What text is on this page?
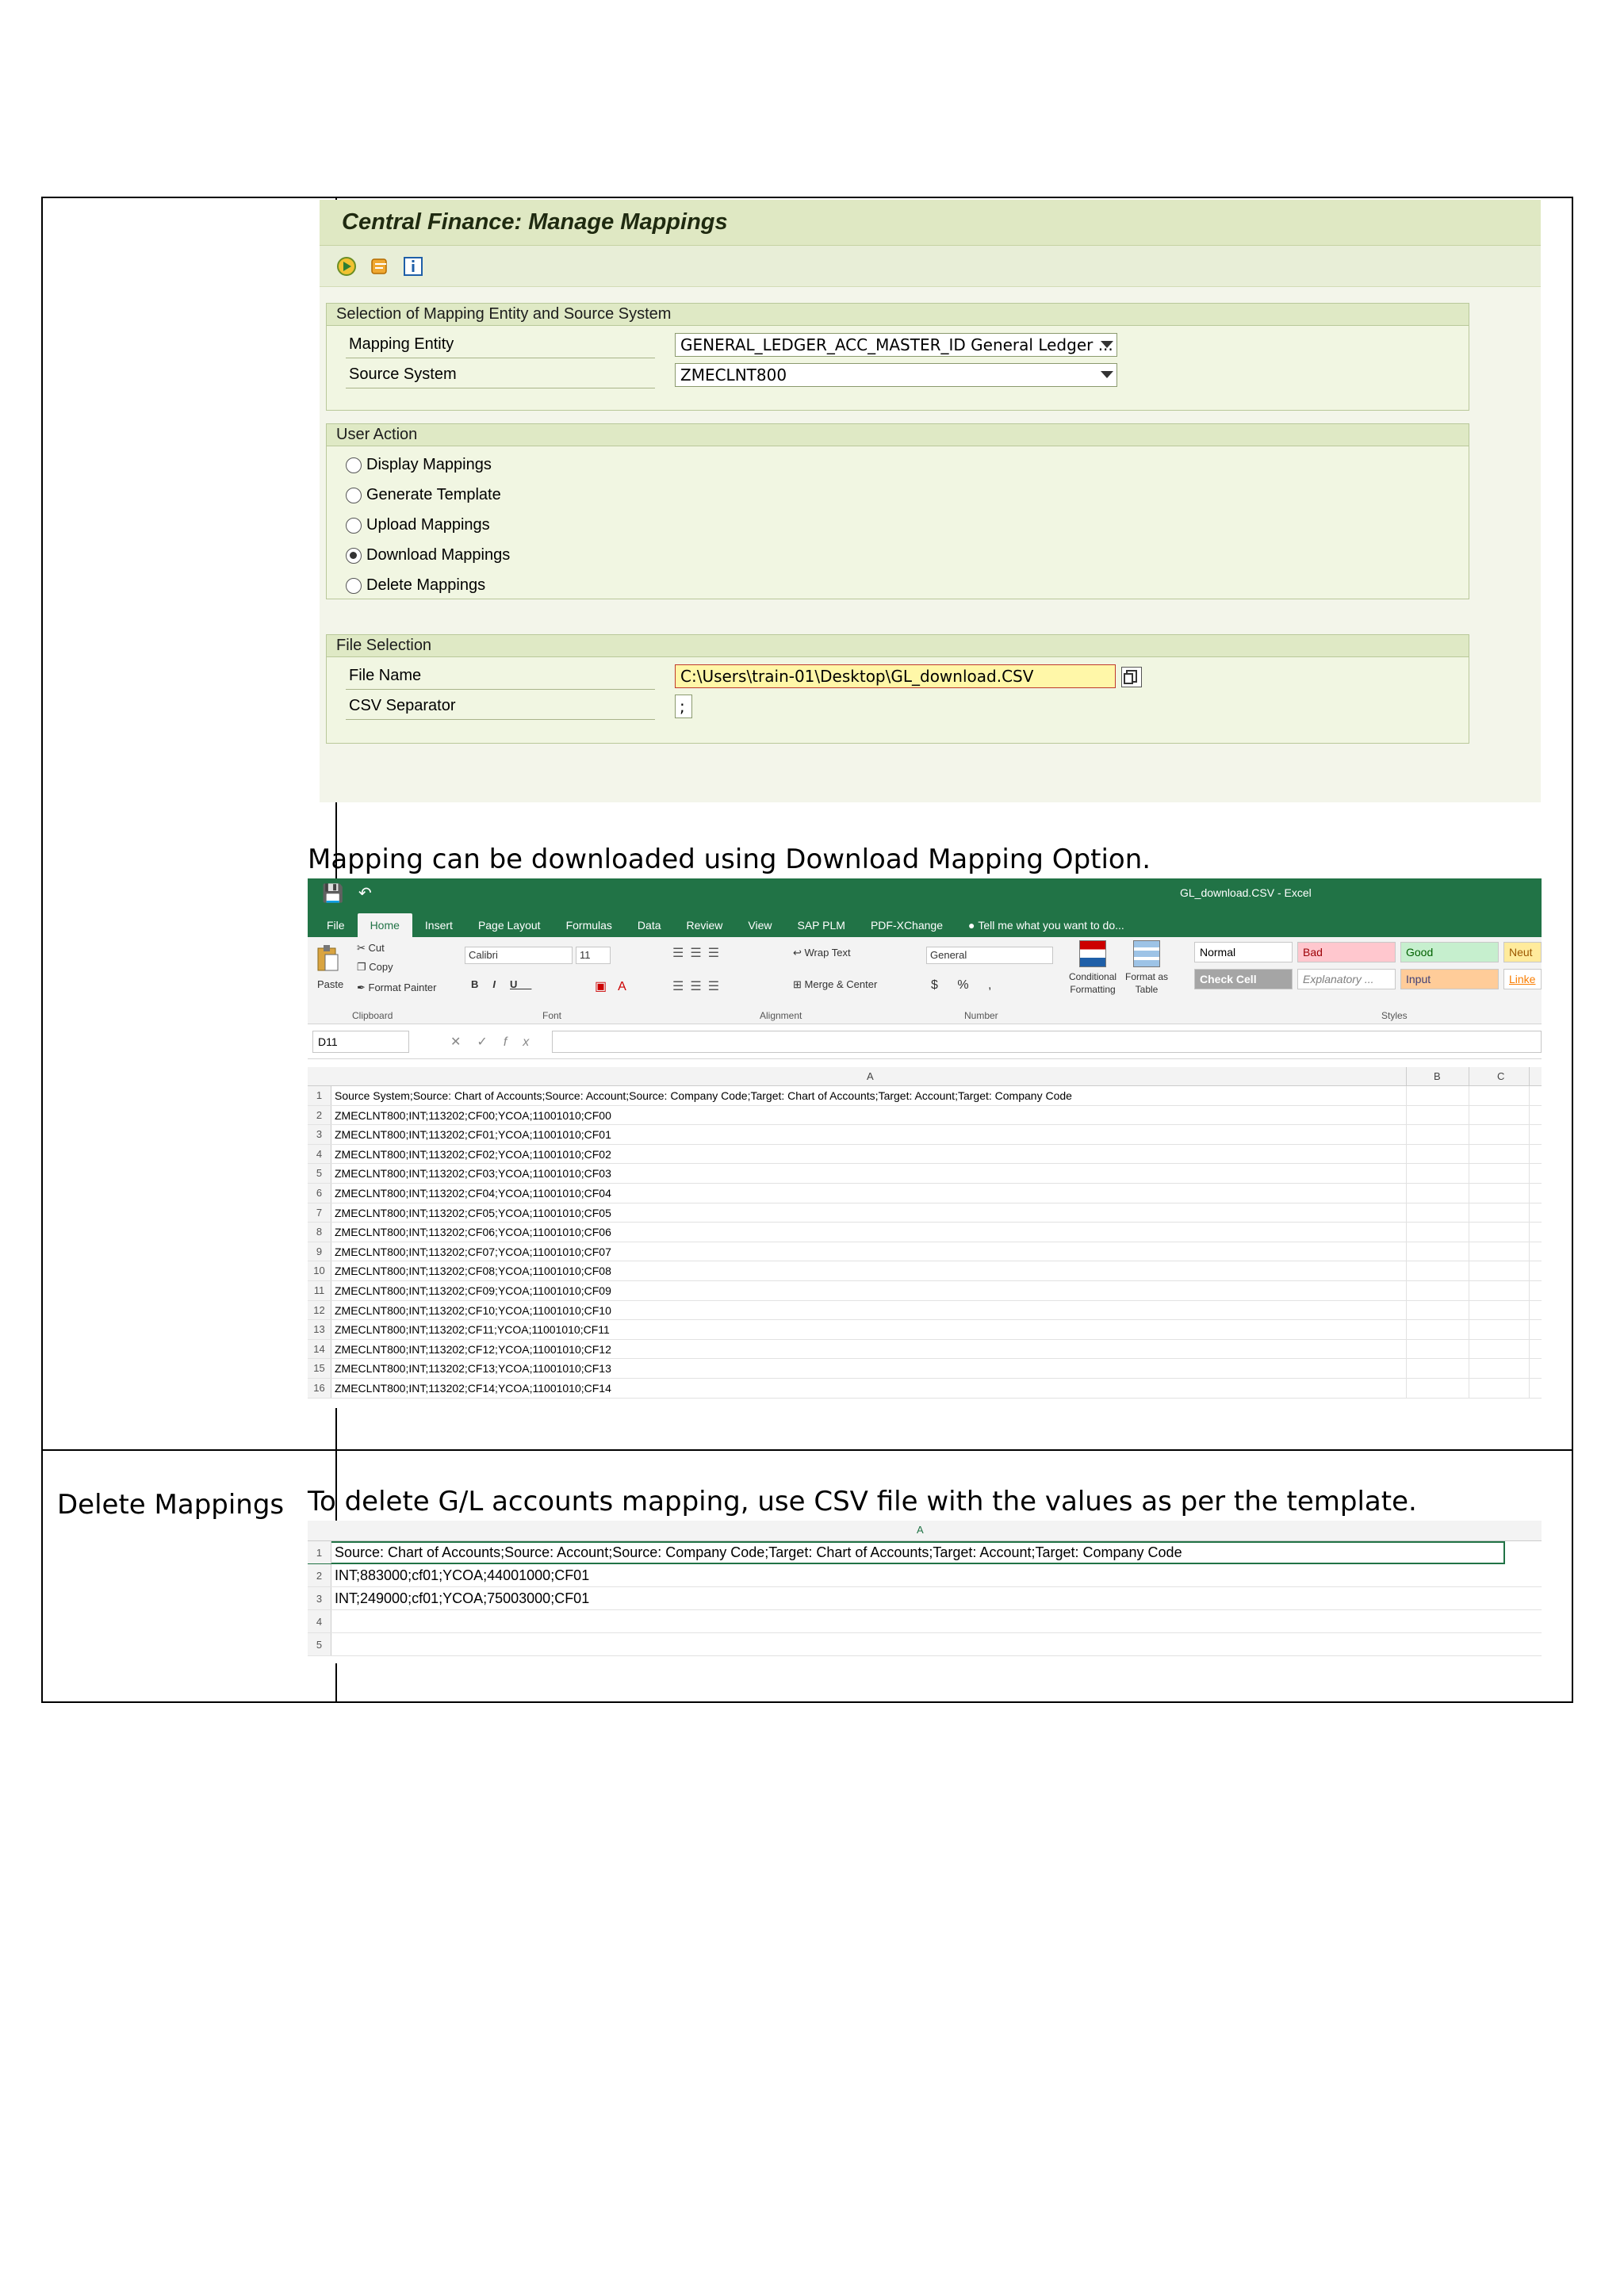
Delete Mappings
Central Finance: Manage Mappings
Selection of Mapping Entity and Source System
Mapping Entity	GENERAL_LEDGER_ACC_MASTER_ID General Ledger ...
Source System	ZMECLNT800
User Action
Display Mappings
Generate Template
Upload Mappings
Download Mappings
Delete Mappings
File Selection
File Name	C:\Users\train-01\Desktop\GL_download.CSV
CSV Separator	;
Mapping can be downloaded using Download Mapping Option.
💾 ↶	GL_download.CSV - Excel
File	Home	Insert	Page Layout	Formulas	Data	Review	View	SAP PLM	PDF-XChange	● Tell me what you want to do...
Paste
✂ Cut
❐ Copy
✒ Format Painter
Calibri	11
BIU	▣A
☰☰☰
☰☰☰
↩ Wrap Text
⊞ Merge & Center
General
$ % ,
Conditional Formatting
Format as Table
Normal	Bad	Good	Neut
Check Cell	Explanatory ...	Input	Linke
Clipboard	Font	Alignment	Number	Styles
D11	✕✓fx
A	B	C
1	Source System;Source: Chart of Accounts;Source: Account;Source: Company Code;Target: Chart of Accounts;Target: Account;Target: Company Code
2	ZMECLNT800;INT;113202;CF00;YCOA;11001010;CF00
3	ZMECLNT800;INT;113202;CF01;YCOA;11001010;CF01
4	ZMECLNT800;INT;113202;CF02;YCOA;11001010;CF02
5	ZMECLNT800;INT;113202;CF03;YCOA;11001010;CF03
6	ZMECLNT800;INT;113202;CF04;YCOA;11001010;CF04
7	ZMECLNT800;INT;113202;CF05;YCOA;11001010;CF05
8	ZMECLNT800;INT;113202;CF06;YCOA;11001010;CF06
9	ZMECLNT800;INT;113202;CF07;YCOA;11001010;CF07
10 ZMECLNT800;INT;113202;CF08;YCOA;11001010;CF08
11 ZMECLNT800;INT;113202;CF09;YCOA;11001010;CF09
12 ZMECLNT800;INT;113202;CF10;YCOA;11001010;CF10
13 ZMECLNT800;INT;113202;CF11;YCOA;11001010;CF11
14 ZMECLNT800;INT;113202;CF12;YCOA;11001010;CF12
15 ZMECLNT800;INT;113202;CF13;YCOA;11001010;CF13
16 ZMECLNT800;INT;113202;CF14;YCOA;11001010;CF14
To delete G/L accounts mapping, use CSV file with the values as per the template.
A
1 Source: Chart of Accounts;Source: Account;Source: Company Code;Target: Chart of Accounts;Target: Account;Target: Company Code
2 INT;883000;cf01;YCOA;44001000;CF01
3 INT;249000;cf01;YCOA;75003000;CF01
4
5
